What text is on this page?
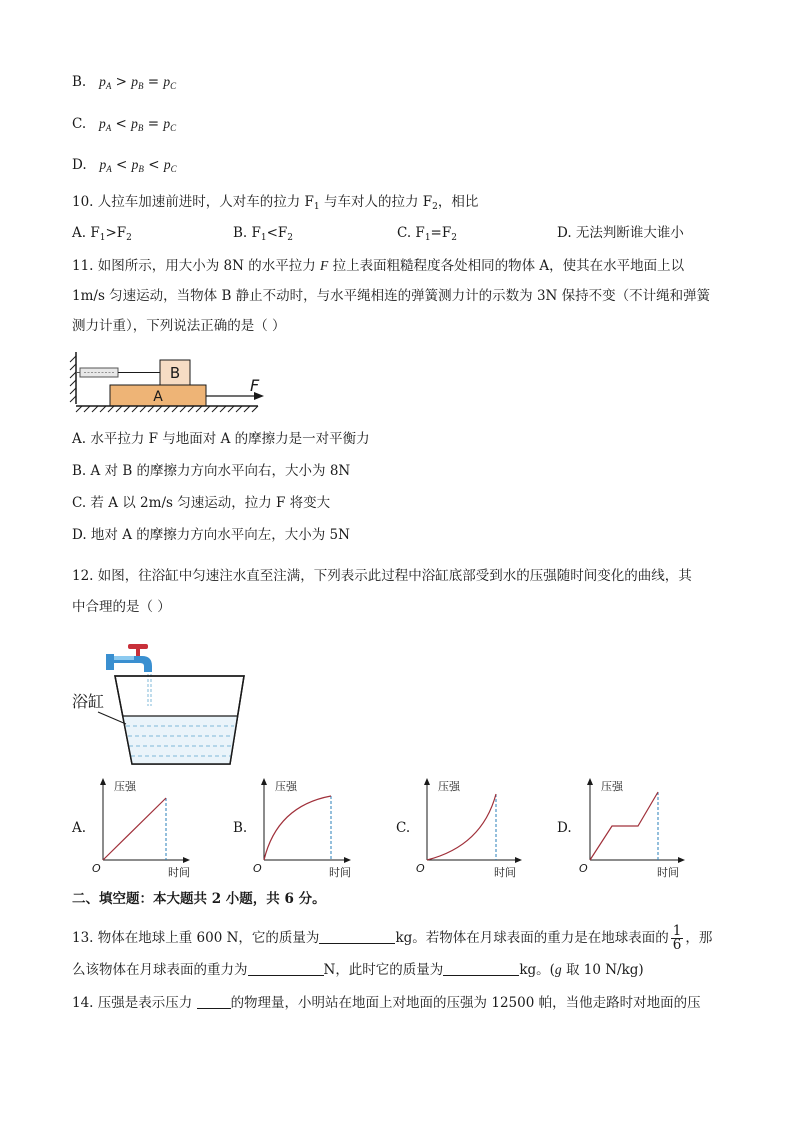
B. $p_A > p_B = p_C$
C. $p_A < p_B = p_C$
D. $p_A < p_B < p_C$
10. 人拉车加速前进时，人对车的拉力 $F_1$ 与车对人的拉力 $F_2$，相比
A. $F_1>F_2$	B. $F_1<F_2$	C. $F_1=F_2$	D. 无法判断谁大谁小
11. 如图所示，用大小为 8N 的水平拉力 F 拉上表面粗糙程度各处相同的物体 A，使其在水平地面上以
1m/s 匀速运动，当物体 B 静止不动时，与水平绳相连的弹簧测力计的示数为 3N 保持不变（不计绳和弹簧
测力计重），下列说法正确的是（ ）
B
A
F
A. 水平拉力 F 与地面对 A 的摩擦力是一对平衡力
B. A 对 B 的摩擦力方向水平向右，大小为 8N
C. 若 A 以 2m/s 匀速运动，拉力 F 将变大
D. 地对 A 的摩擦力方向水平向左，大小为 5N
12. 如图，往浴缸中匀速注水直至注满，下列表示此过程中浴缸底部受到水的压强随时间变化的曲线，其
中合理的是（ ）
浴缸
A.
压强
O	时间
B.
压强
O	时间
C.
压强
O	时间
D.
压强
O	时间
二、填空题：本大题共 2 小题，共 6 分。
13. 物体在地球上重 600 N，它的质量为	kg。若物体在月球表面的重力是在地球表面的 $\frac{1}{6}$ ，那
么该物体在月球表面的重力为	N，此时它的质量为	kg。(g 取 10 N/kg)
14. 压强是表示压力	的物理量，小明站在地面上对地面的压强为 12500 帕，当他走路时对地面的压
